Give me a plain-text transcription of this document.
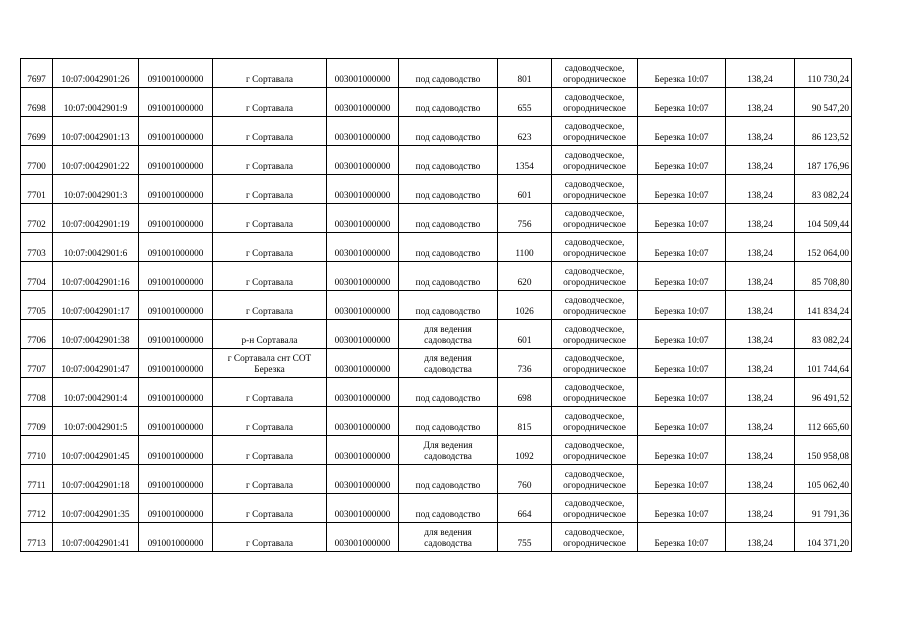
7697	10:07:0042901:26	091001000000	г Сортавала	003001000000	под садоводство	801	садоводческое, огородническое	Березка 10:07	138,24	110 730,24
7698	10:07:0042901:9	091001000000	г Сортавала	003001000000	под садоводство	655	садоводческое, огородническое	Березка 10:07	138,24	90 547,20
7699	10:07:0042901:13	091001000000	г Сортавала	003001000000	под садоводство	623	садоводческое, огородническое	Березка 10:07	138,24	86 123,52
7700	10:07:0042901:22	091001000000	г Сортавала	003001000000	под садоводство	1354	садоводческое, огородническое	Березка 10:07	138,24	187 176,96
7701	10:07:0042901:3	091001000000	г Сортавала	003001000000	под садоводство	601	садоводческое, огородническое	Березка 10:07	138,24	83 082,24
7702	10:07:0042901:19	091001000000	г Сортавала	003001000000	под садоводство	756	садоводческое, огородническое	Березка 10:07	138,24	104 509,44
7703	10:07:0042901:6	091001000000	г Сортавала	003001000000	под садоводство	1100	садоводческое, огородническое	Березка 10:07	138,24	152 064,00
7704	10:07:0042901:16	091001000000	г Сортавала	003001000000	под садоводство	620	садоводческое, огородническое	Березка 10:07	138,24	85 708,80
7705	10:07:0042901:17	091001000000	г Сортавала	003001000000	под садоводство	1026	садоводческое, огородническое	Березка 10:07	138,24	141 834,24
7706	10:07:0042901:38	091001000000	р-н Сортавала	003001000000	для ведения садоводства	601	садоводческое, огородническое	Березка 10:07	138,24	83 082,24
7707	10:07:0042901:47	091001000000	г Сортавала снт СОТ Березка	003001000000	для ведения садоводства	736	садоводческое, огородническое	Березка 10:07	138,24	101 744,64
7708	10:07:0042901:4	091001000000	г Сортавала	003001000000	под садоводство	698	садоводческое, огородническое	Березка 10:07	138,24	96 491,52
7709	10:07:0042901:5	091001000000	г Сортавала	003001000000	под садоводство	815	садоводческое, огородническое	Березка 10:07	138,24	112 665,60
7710	10:07:0042901:45	091001000000	г Сортавала	003001000000	Для ведения садоводства	1092	садоводческое, огородническое	Березка 10:07	138,24	150 958,08
7711	10:07:0042901:18	091001000000	г Сортавала	003001000000	под садоводство	760	садоводческое, огородническое	Березка 10:07	138,24	105 062,40
7712	10:07:0042901:35	091001000000	г Сортавала	003001000000	под садоводство	664	садоводческое, огородническое	Березка 10:07	138,24	91 791,36
7713	10:07:0042901:41	091001000000	г Сортавала	003001000000	для ведения садоводства	755	садоводческое, огородническое	Березка 10:07	138,24	104 371,20
